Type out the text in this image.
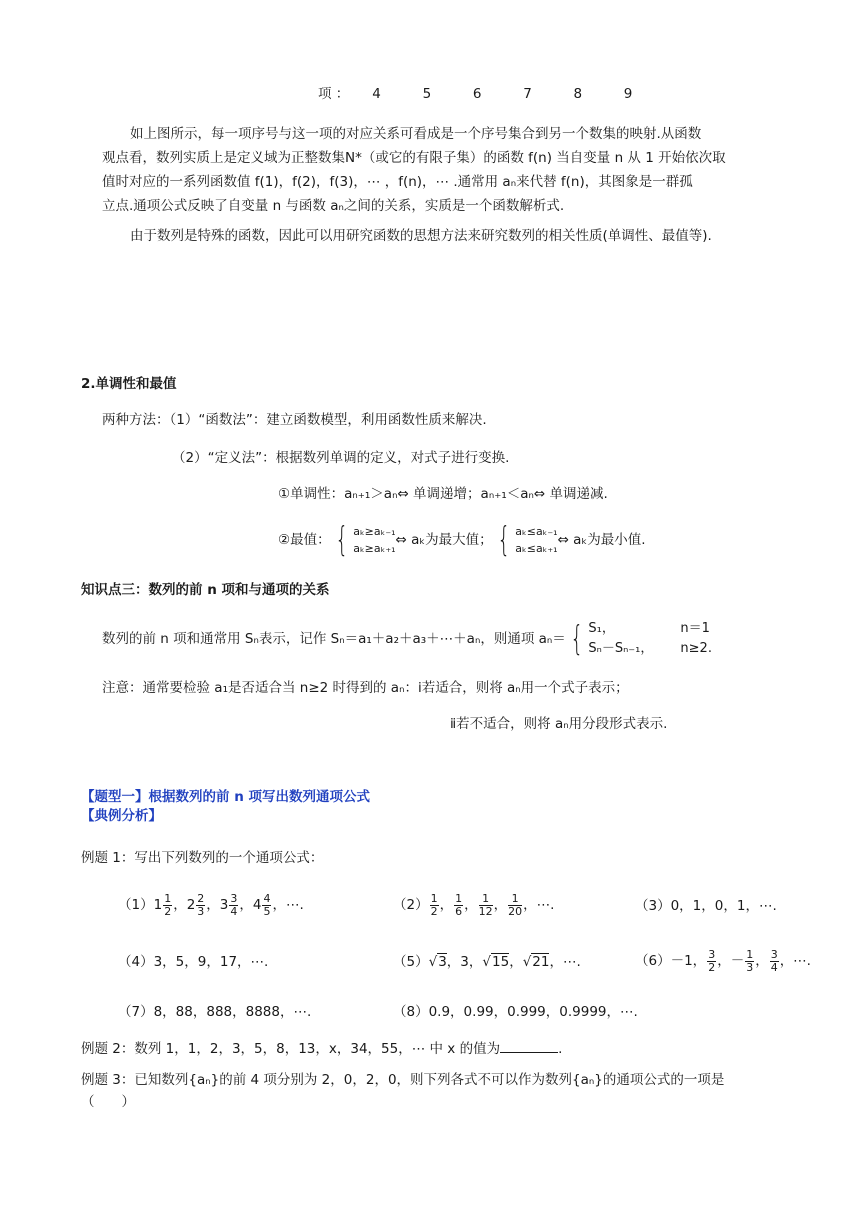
项 ： 4	5	6	7	8	9
如上图所示，每一项序号与这一项的对应关系可看成是一个序号集合到另一个数集的映射.从函数
观点看，数列实质上是定义域为正整数集N*（或它的有限子集）的函数 f(n) 当自变量 n 从 1 开始依次取
值时对应的一系列函数值 f(1)，f(2)，f(3)，⋯ ，f(n)，⋯ .通常用 aₙ来代替 f(n)，其图象是一群孤
立点.通项公式反映了自变量 n 与函数 aₙ之间的关系，实质是一个函数解析式.
由于数列是特殊的函数，因此可以用研究函数的思想方法来研究数列的相关性质(单调性、最值等).
2.单调性和最值
两种方法：（1）“函数法”：建立函数模型，利用函数性质来解决.
（2）“定义法”：根据数列单调的定义，对式子进行变换.
①单调性：aₙ₊₁＞aₙ⇔ 单调递增；aₙ₊₁＜aₙ⇔ 单调递减.
②最值： { aₖ≥aₖ₋₁
aₖ≥aₖ₊₁
⇔ aₖ为最大值； { aₖ≤aₖ₋₁
aₖ≤aₖ₊₁
⇔ aₖ为最小值.
知识点三：数列的前 n 项和与通项的关系
数列的前 n 项和通常用 Sₙ表示，记作 Sₙ＝a₁＋a₂＋a₃＋⋯＋aₙ，则通项 aₙ＝ { S₁，	n＝1
Sₙ－Sₙ₋₁， n≥2.
注意：通常要检验 a₁是否适合当 n≥2 时得到的 aₙ：ⅰ若适合，则将 aₙ用一个式子表示；
ⅱ若不适合，则将 aₙ用分段形式表示.
【题型一】根据数列的前 n 项写出数列通项公式
【典例分析】
例题 1：写出下列数列的一个通项公式：
$(1)1 \frac{1}{2}$ ，$2 \frac{2}{3}$ ，$3 \frac{3}{4}$ ，$4 \frac{4}{5}$ ，⋯.	$(2) \frac{1}{2}$ ， $\frac{1}{6}$ ， $\frac{1}{12}$ ， $\frac{1}{20}$ ，⋯.	（3）0，1，0，1，⋯.
（4）3，5，9，17，⋯.	（5）√3，3，√15，√21，⋯.	（6）－1， $\frac{3}{2}$ ，－ $\frac{1}{3}$ ， $\frac{3}{4}$ ，⋯.
（7）8，88，888，8888，⋯.	（8）0.9，0.99，0.999，0.9999，⋯.
例题 2：数列 1，1，2，3，5，8，13，x，34，55，⋯ 中 x 的值为	.
例题 3：已知数列{aₙ}的前 4 项分别为 2，0，2，0，则下列各式不可以作为数列{aₙ}的通项公式的一项是
（　　）
